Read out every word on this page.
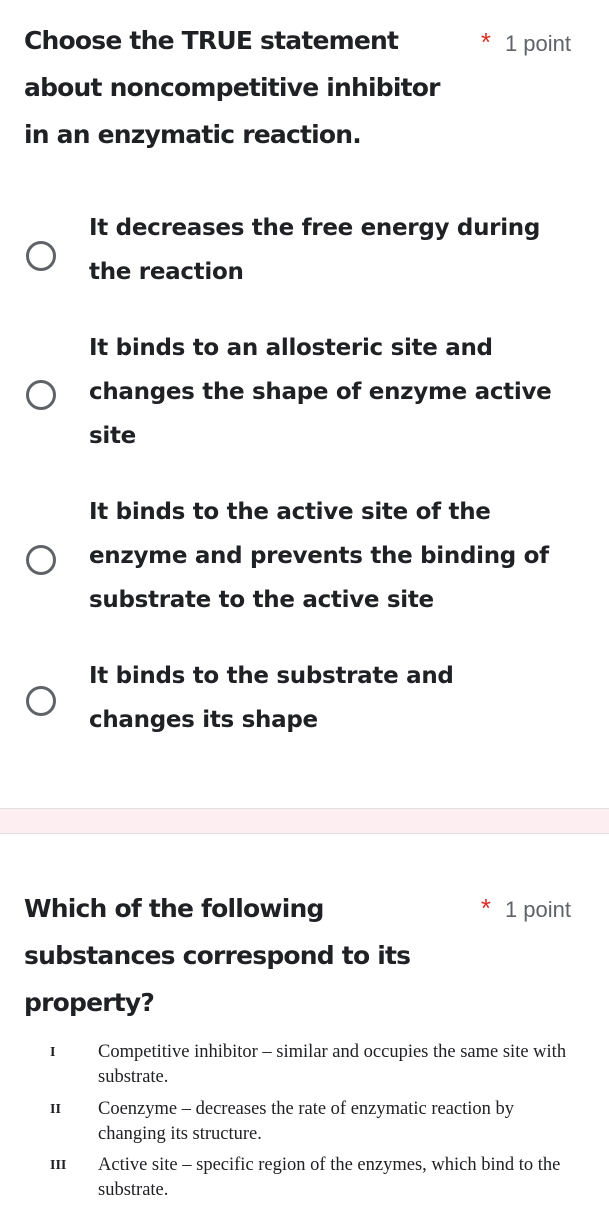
Choose the TRUE statement about noncompetitive inhibitor in an enzymatic reaction.
* 1 point
It decreases the free energy during the reaction
It binds to an allosteric site and changes the shape of enzyme active site
It binds to the active site of the enzyme and prevents the binding of substrate to the active site
It binds to the substrate and changes its shape
Which of the following substances correspond to its property?
* 1 point
I Competitive inhibitor – similar and occupies the same site with substrate.
II Coenzyme – decreases the rate of enzymatic reaction by changing its structure.
III Active site – specific region of the enzymes, which bind to the substrate.
